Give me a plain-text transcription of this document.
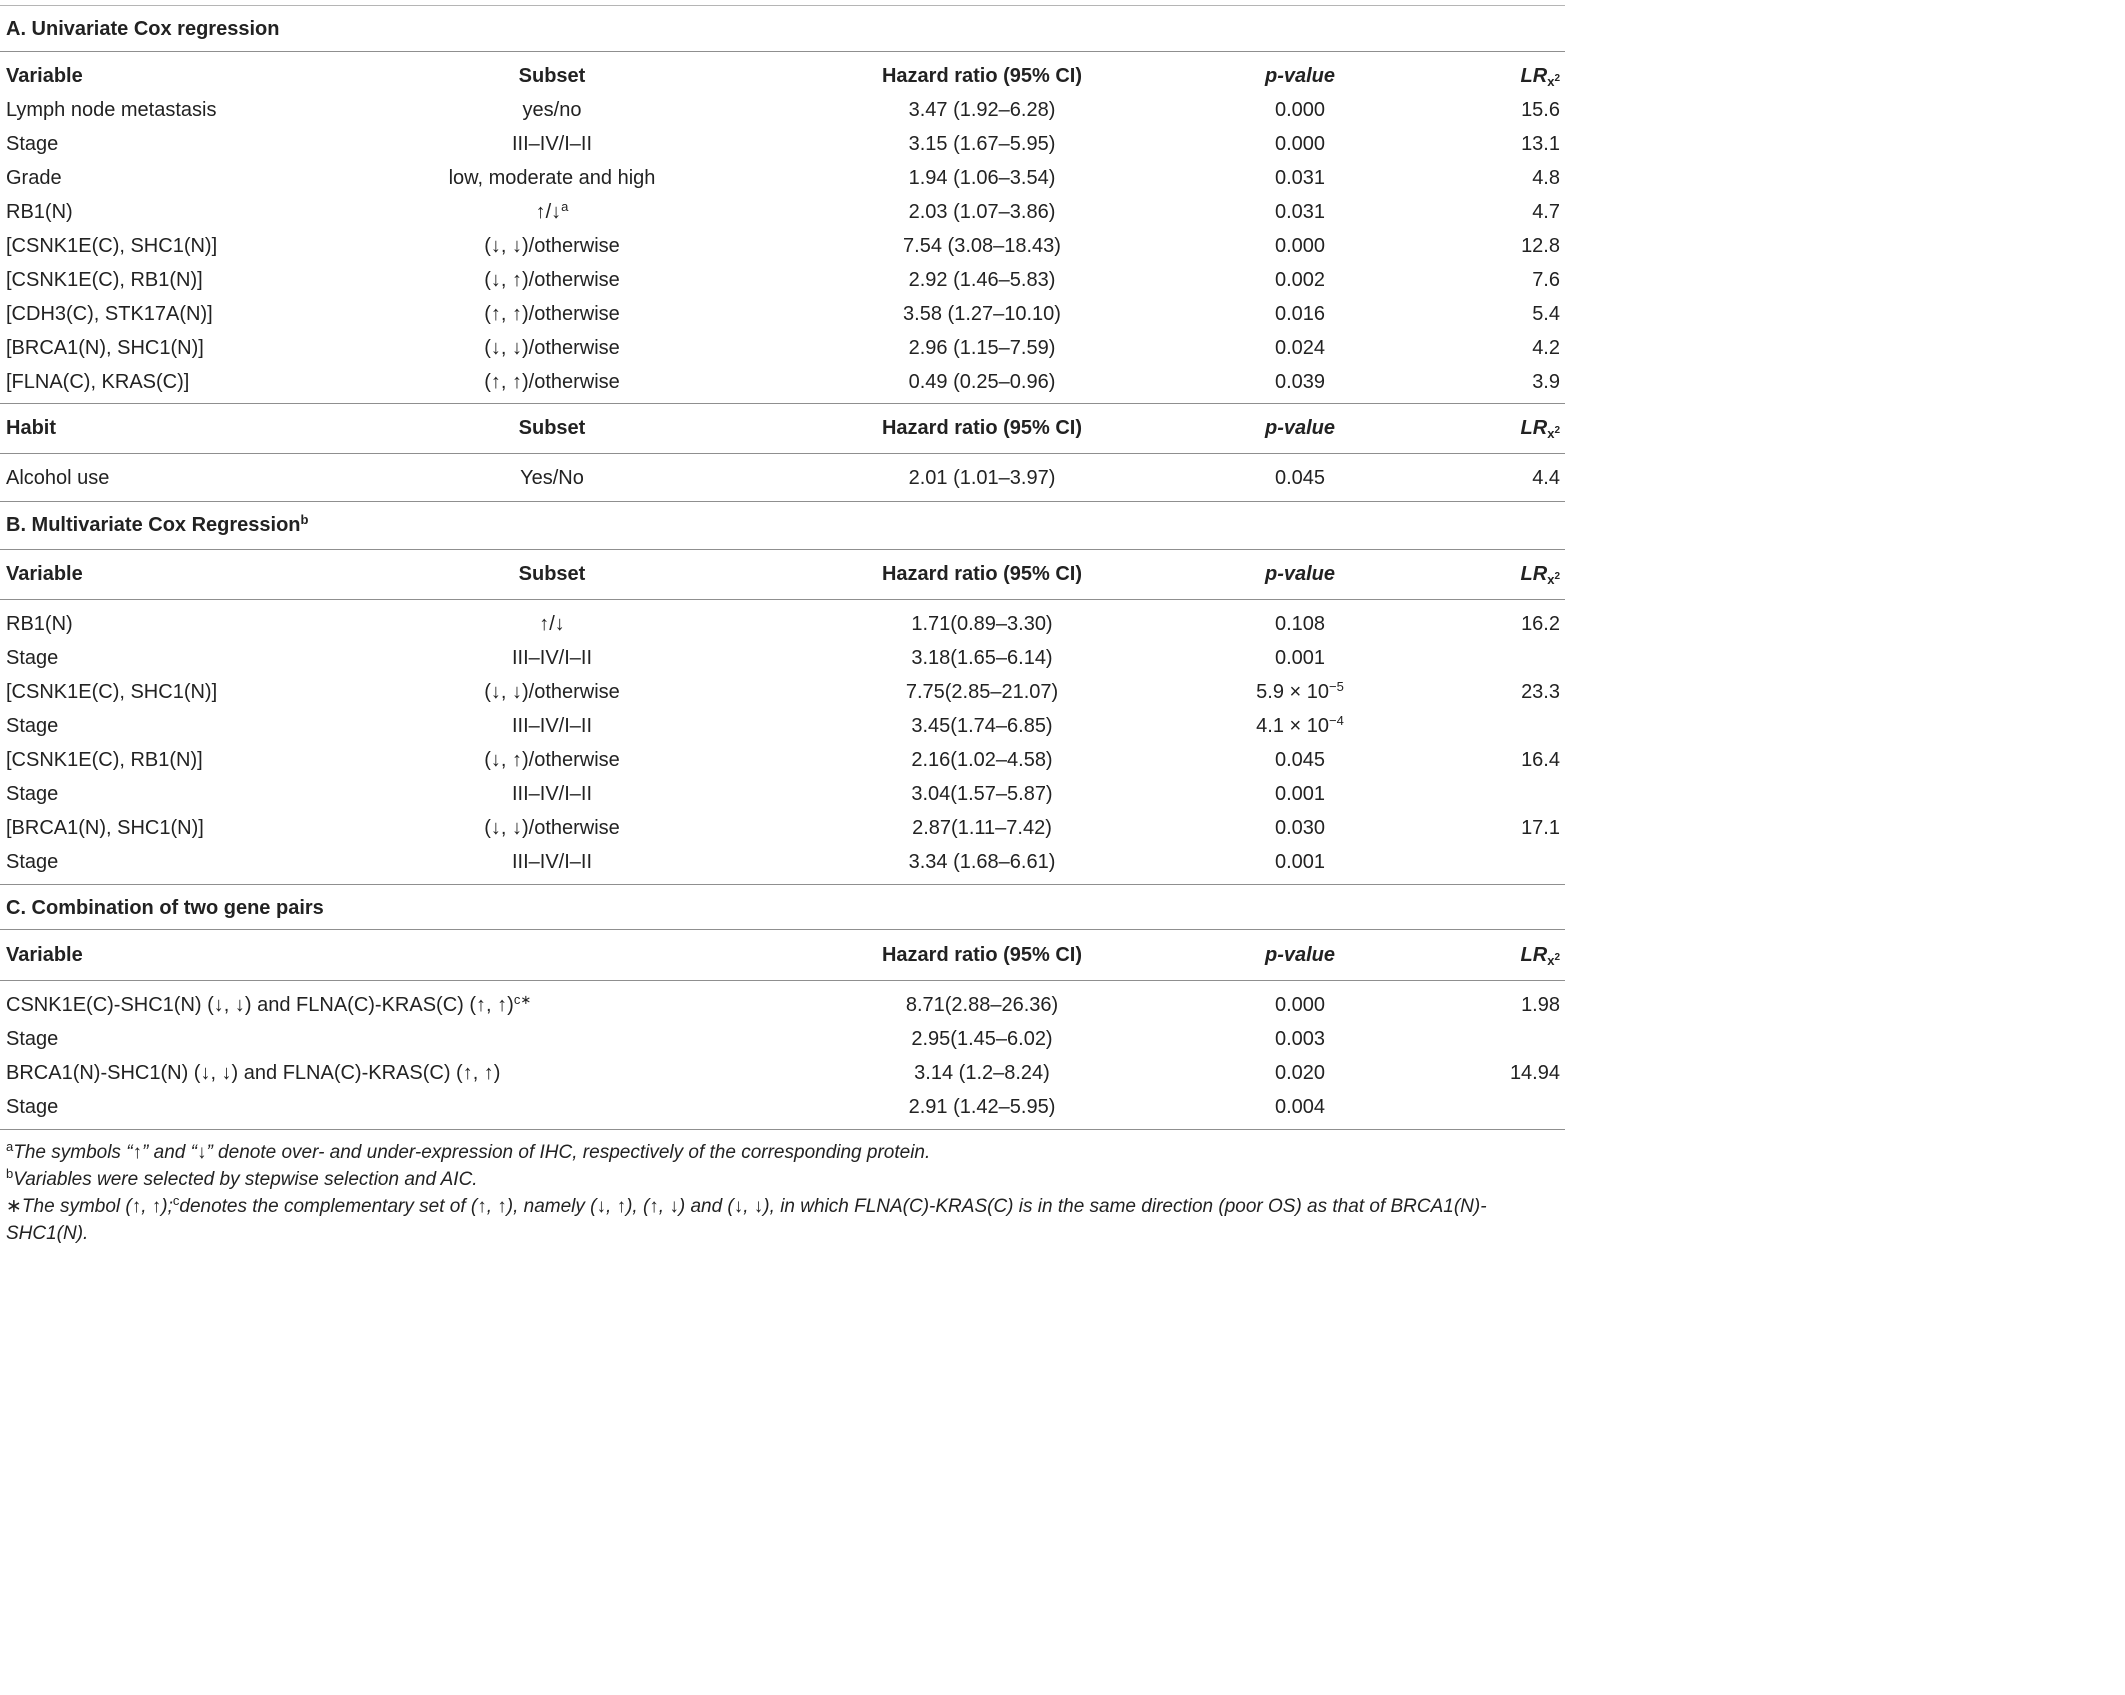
A. Univariate Cox regression
Variable	Subset	Hazard ratio (95% CI)	p-value	$LR_{x^2}$
Lymph node metastasis	yes/no	3.47 (1.92–6.28)	0.000	15.6
Stage	III–IV/I–II	3.15 (1.67–5.95)	0.000	13.1
Grade	low, moderate and high	1.94 (1.06–3.54)	0.031	4.8
RB1(N)	↑/↓$^a$	2.03 (1.07–3.86)	0.031	4.7
[CSNK1E(C), SHC1(N)]	(↓, ↓)/otherwise	7.54 (3.08–18.43)	0.000	12.8
[CSNK1E(C), RB1(N)]	(↓, ↑)/otherwise	2.92 (1.46–5.83)	0.002	7.6
[CDH3(C), STK17A(N)]	(↑, ↑)/otherwise	3.58 (1.27–10.10)	0.016	5.4
[BRCA1(N), SHC1(N)]	(↓, ↓)/otherwise	2.96 (1.15–7.59)	0.024	4.2
[FLNA(C), KRAS(C)]	(↑, ↑)/otherwise	0.49 (0.25–0.96)	0.039	3.9
Habit	Subset	Hazard ratio (95% CI)	p-value	$LR_{x^2}$
Alcohol use	Yes/No	2.01 (1.01–3.97)	0.045	4.4
B. Multivariate Cox Regression$^b$
Variable	Subset	Hazard ratio (95% CI)	p-value	$LR_{x^2}$
RB1(N)	↑/↓	1.71(0.89–3.30)	0.108	16.2
Stage	III–IV/I–II	3.18(1.65–6.14)	0.001
[CSNK1E(C), SHC1(N)]	(↓, ↓)/otherwise	7.75(2.85–21.07)	$5.9 \times 10^{-5}$	23.3
Stage	III–IV/I–II	3.45(1.74–6.85)	$4.1 \times 10^{-4}$
[CSNK1E(C), RB1(N)]	(↓, ↑)/otherwise	2.16(1.02–4.58)	0.045	16.4
Stage	III–IV/I–II	3.04(1.57–5.87)	0.001
[BRCA1(N), SHC1(N)]	(↓, ↓)/otherwise	2.87(1.11–7.42)	0.030	17.1
Stage	III–IV/I–II	3.34 (1.68–6.61)	0.001
C. Combination of two gene pairs
Variable	Hazard ratio (95% CI)	p-value	$LR_{x^2}$
CSNK1E(C)-SHC1(N) (↓, ↓) and FLNA(C)-KRAS(C) (↑, ↑)$^{c∗}$	8.71(2.88–26.36)	0.000	1.98
Stage	2.95(1.45–6.02)	0.003
BRCA1(N)-SHC1(N) (↓, ↓) and FLNA(C)-KRAS(C) (↑, ↑)	3.14 (1.2–8.24)	0.020	14.94
Stage	2.91 (1.42–5.95)	0.004
$^a$The symbols “↑” and “↓” denote over- and under-expression of IHC, respectively of the corresponding protein.
$^b$Variables were selected by stepwise selection and AIC.
∗The symbol (↑, ↑);$^c$denotes the complementary set of (↑, ↑), namely (↓, ↑), (↑, ↓) and (↓, ↓), in which FLNA(C)-KRAS(C) is in the same direction (poor OS) as that of BRCA1(N)-SHC1(N).
